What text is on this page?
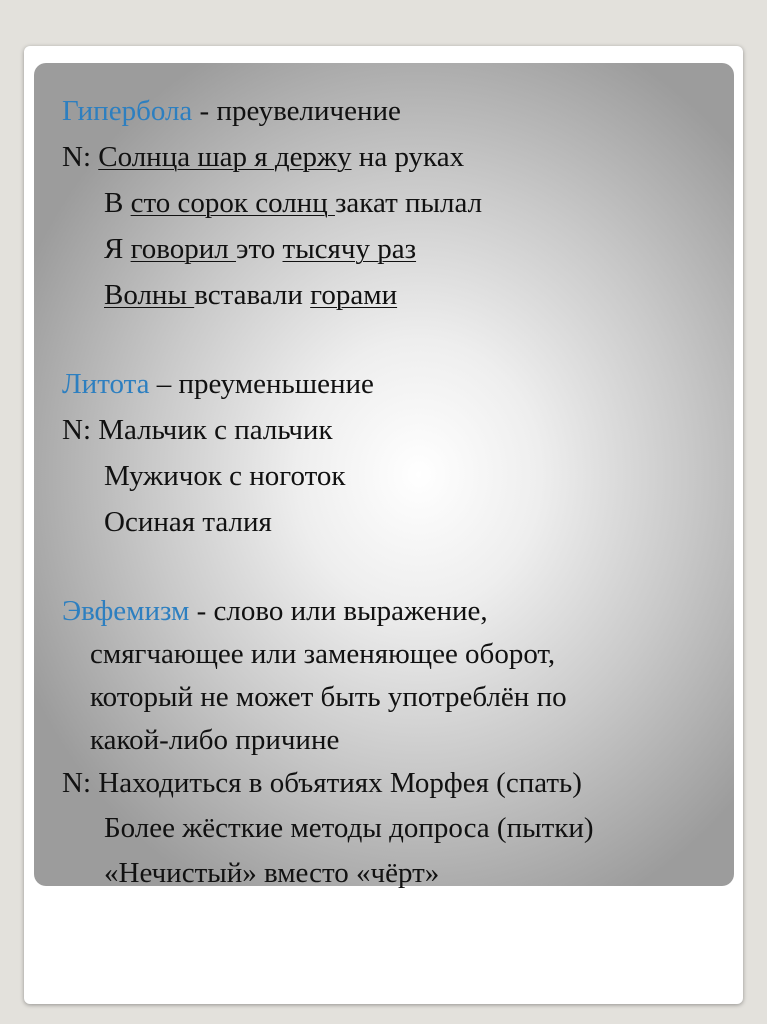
Гипербола - преувеличение
N: Солнца шар я держу на руках
В сто сорок солнц закат пылал
Я говорил это тысячу раз
Волны вставали горами
Литота – преуменьшение
N: Мальчик с пальчик
Мужичок с ноготок
Осиная талия
Эвфемизм - слово или выражение,
смягчающее или заменяющее оборот,
который не может быть употреблён по
какой-либо причине
N: Находиться в объятиях Морфея (спать)
Более жёсткие методы допроса (пытки)
«Нечистый» вместо «чёрт»
